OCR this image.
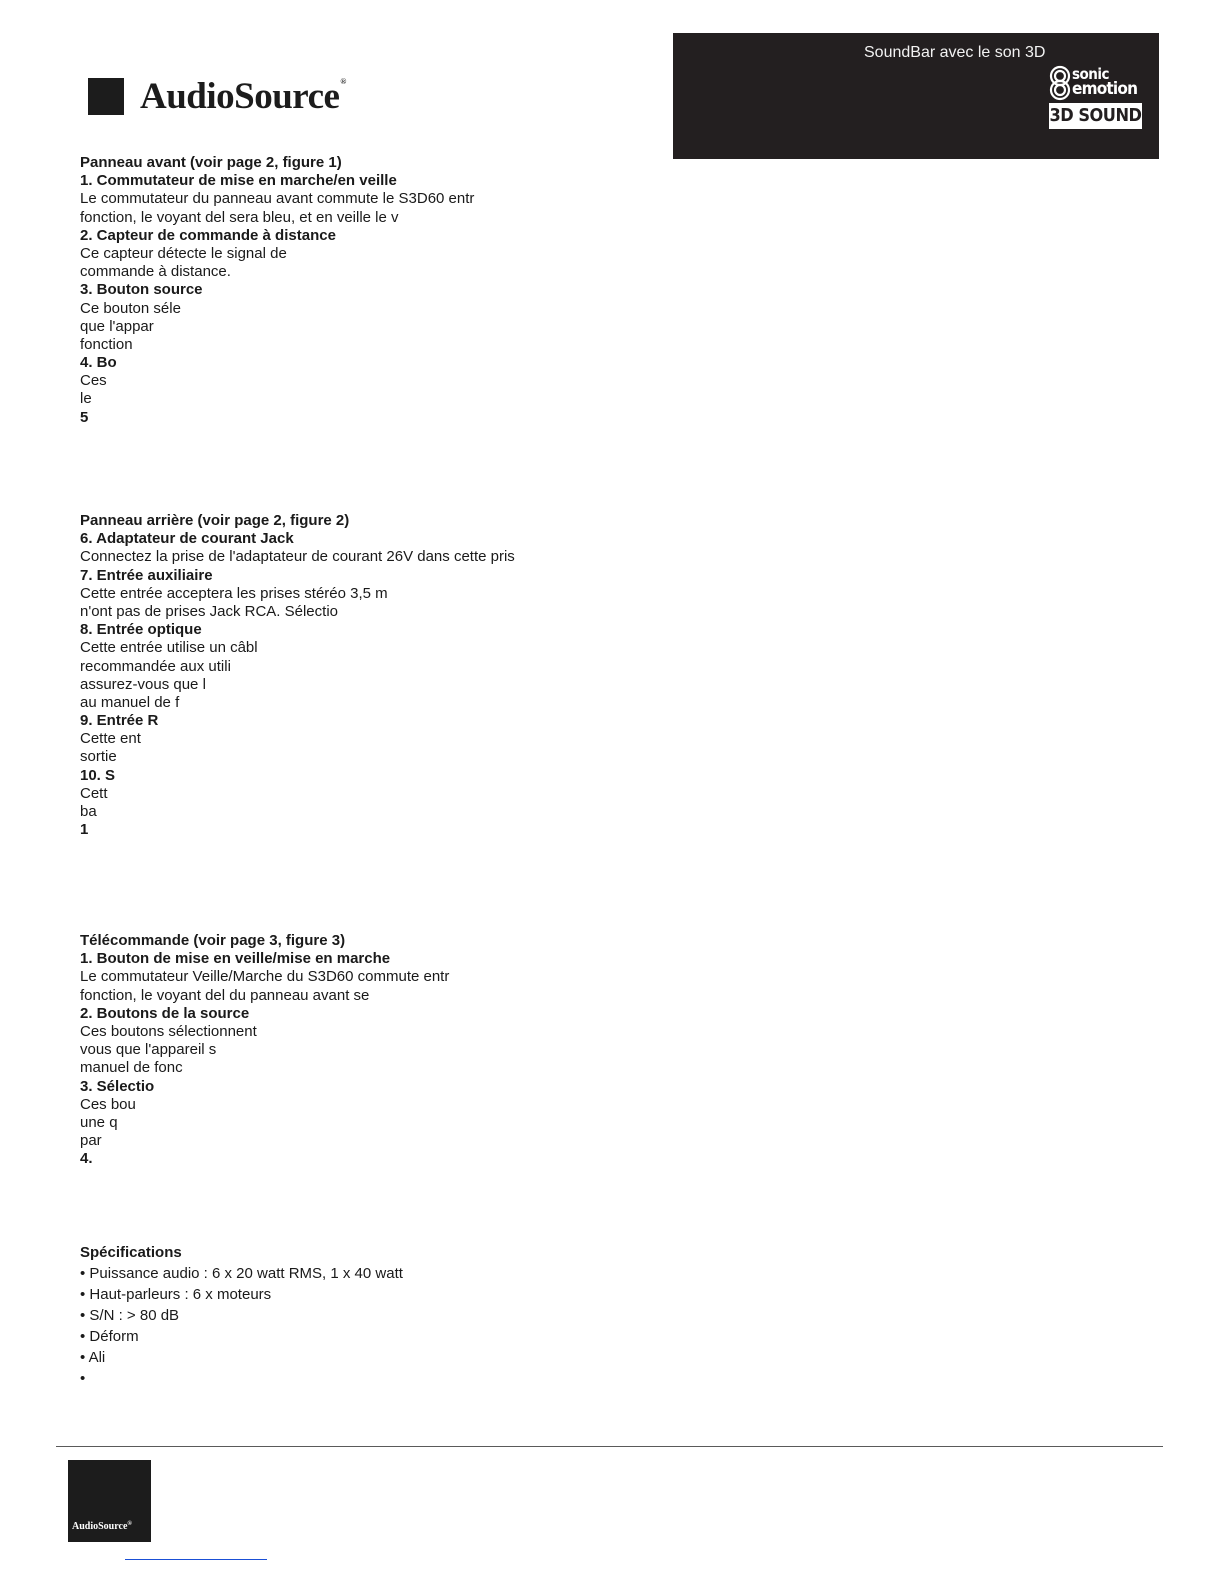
AudioSource®
SoundBar avec le son 3D
sonic
emotion
3D SOUND
Panneau avant (voir page 2, figure 1)
1. Commutateur de mise en marche/en veille
Le commutateur du panneau avant commute le S3D60 entr
fonction, le voyant del sera bleu, et en veille le v
2. Capteur de commande à distance
Ce capteur détecte le signal de
commande à distance.
3. Bouton source
Ce bouton séle
que l'appar
fonction
4. Bo
Ces
le
5
Panneau arrière (voir page 2, figure 2)
6. Adaptateur de courant Jack
Connectez la prise de l'adaptateur de courant 26V dans cette pris
7. Entrée auxiliaire
Cette entrée acceptera les prises stéréo 3,5 m
n'ont pas de prises Jack RCA. Sélectio
8. Entrée optique
Cette entrée utilise un câbl
recommandée aux utili
assurez-vous que l
au manuel de f
9. Entrée R
Cette ent
sortie
10. S
Cett
ba
1
Télécommande (voir page 3, figure 3)
1. Bouton de mise en veille/mise en marche
Le commutateur Veille/Marche du S3D60 commute entr
fonction, le voyant del du panneau avant se
2. Boutons de la source
Ces boutons sélectionnent
vous que l'appareil s
manuel de fonc
3. Sélectio
Ces bou
une q
par
4.
Spécifications
• Puissance audio : 6 x 20 watt RMS, 1 x 40 watt
• Haut-parleurs : 6 x moteurs
• S/N : > 80 dB
• Déform
• Ali
•
AudioSource®
